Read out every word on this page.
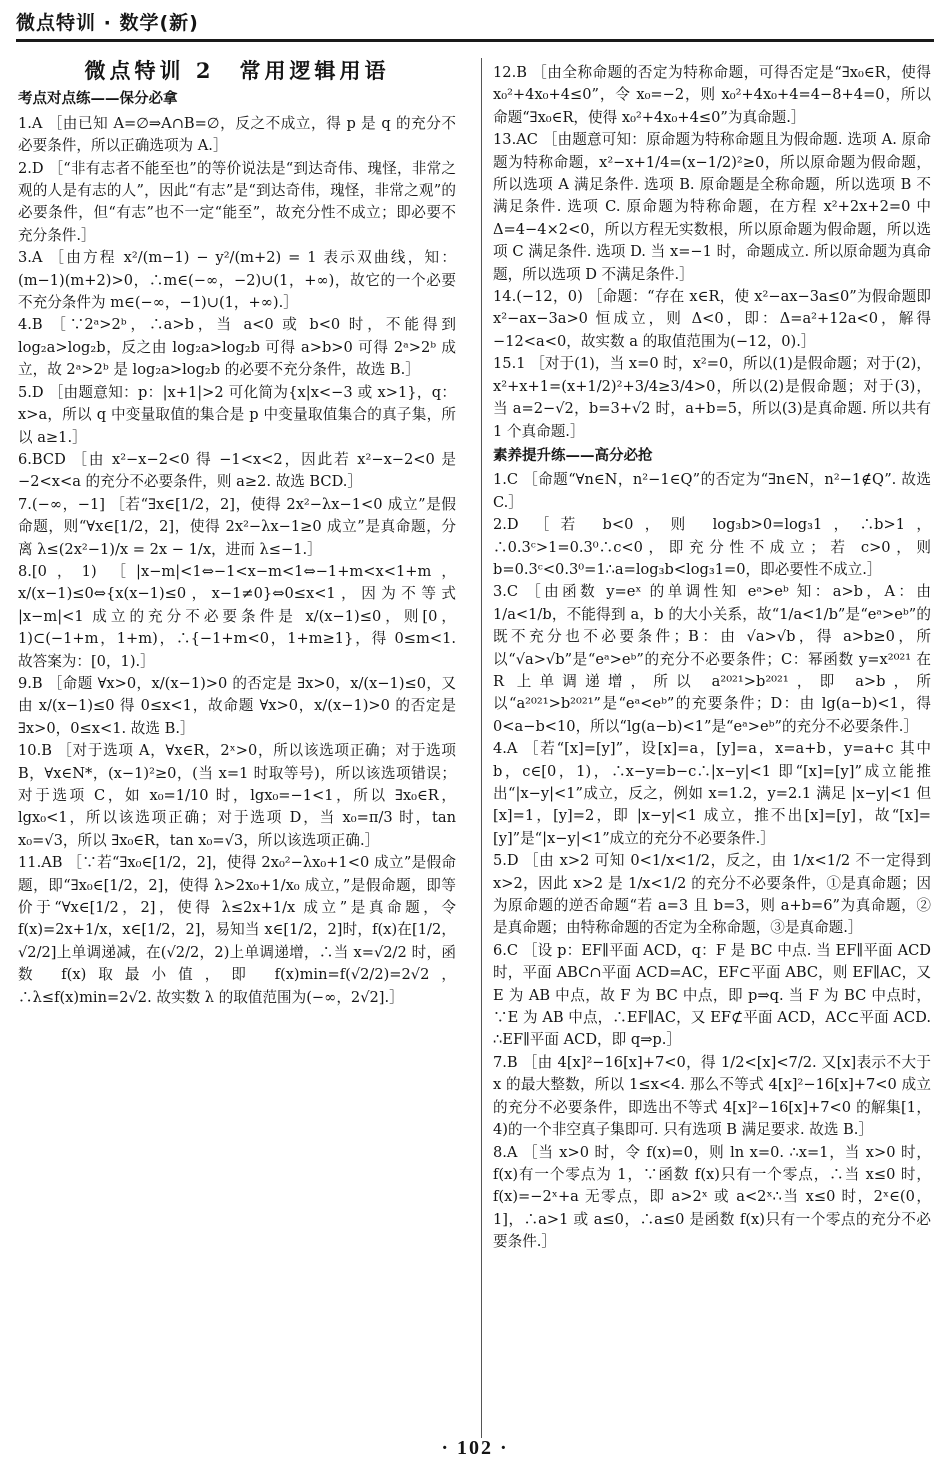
微点特训 · 数学(新)
微点特训 2　常用逻辑用语
考点对点练——保分必拿

1.A ［由已知 A=∅⇒A∩B=∅，反之不成立，得 p 是 q 的充分不必要条件，所以正确选项为 A.］

2.D ［“非有志者不能至也”的等价说法是“到达奇伟、瑰怪，非常之观的人是有志的人”，因此“有志”是“到达奇伟，瑰怪，非常之观”的必要条件，但“有志”也不一定“能至”，故充分性不成立；即必要不充分条件.］

3.A ［由方程 x²/(m−1) − y²/(m+2) = 1 表示双曲线，知：(m−1)(m+2)>0，∴m∈(−∞，−2)∪(1，+∞)，故它的一个必要不充分条件为 m∈(−∞，−1)∪(1，+∞).］

4.B ［∵2ᵃ>2ᵇ，∴a>b，当 a<0 或 b<0 时，不能得到 log₂a>log₂b，反之由 log₂a>log₂b 可得 a>b>0 可得 2ᵃ>2ᵇ 成立，故 2ᵃ>2ᵇ 是 log₂a>log₂b 的必要不充分条件，故选 B.］

5.D ［由题意知：p：|x+1|>2 可化简为{x|x<−3 或 x>1}，q：x>a，所以 q 中变量取值的集合是 p 中变量取值集合的真子集，所以 a≥1.］

6.BCD ［由 x²−x−2<0 得 −1<x<2，因此若 x²−x−2<0 是 −2<x<a 的充分不必要条件，则 a≥2. 故选 BCD.］

7.(−∞，−1] ［若“∃x∈[1/2，2]，使得 2x²−λx−1<0 成立”是假命题，则“∀x∈[1/2，2]，使得 2x²−λx−1≥0 成立”是真命题，分离 λ≤(2x²−1)/x = 2x − 1/x，进而 λ≤−1.］

8.[0，1) ［|x−m|<1⇔−1<x−m<1⇔−1+m<x<1+m，x/(x−1)≤0⇔{x(x−1)≤0，x−1≠0}⇔0≤x<1，因为不等式 |x−m|<1 成立的充分不必要条件是 x/(x−1)≤0，则[0，1)⊂(−1+m，1+m)，∴{−1+m<0，1+m≥1}，得 0≤m<1. 故答案为：[0，1).］

9.B ［命题 ∀x>0，x/(x−1)>0 的否定是 ∃x>0，x/(x−1)≤0，又由 x/(x−1)≤0 得 0≤x<1，故命题 ∀x>0，x/(x−1)>0 的否定是 ∃x>0，0≤x<1. 故选 B.］

10.B ［对于选项 A，∀x∈R，2ˣ>0，所以该选项正确；对于选项 B，∀x∈N*，(x−1)²≥0，(当 x=1 时取等号)，所以该选项错误；对于选项 C，如 x₀=1/10 时，lgx₀=−1<1，所以 ∃x₀∈R，lgx₀<1，所以该选项正确；对于选项 D，当 x₀=π/3 时，tan x₀=√3，所以 ∃x₀∈R，tan x₀=√3，所以该选项正确.］

11.AB ［∵若“∃x₀∈[1/2，2]，使得 2x₀²−λx₀+1<0 成立”是假命题，即“∃x₀∈[1/2，2]，使得 λ>2x₀+1/x₀ 成立，”是假命题，即等价于“∀x∈[1/2，2]，使得 λ≤2x+1/x 成立”是真命题，令 f(x)=2x+1/x，x∈[1/2，2]，易知当 x∈[1/2，2]时，f(x)在[1/2，√2/2]上单调递减，在(√2/2，2)上单调递增，∴当 x=√2/2 时，函数 f(x)取最小值，即 f(x)min=f(√2/2)=2√2，∴λ≤f(x)min=2√2. 故实数 λ 的取值范围为(−∞，2√2].］

12.B ［由全称命题的否定为特称命题，可得否定是“∃x₀∈R，使得 x₀²+4x₀+4≤0”，令 x₀=−2，则 x₀²+4x₀+4=4−8+4=0，所以命题“∃x₀∈R，使得 x₀²+4x₀+4≤0”为真命题.］

13.AC ［由题意可知：原命题为特称命题且为假命题. 选项 A. 原命题为特称命题，x²−x+1/4=(x−1/2)²≥0，所以原命题为假命题，所以选项 A 满足条件. 选项 B. 原命题是全称命题，所以选项 B 不满足条件. 选项 C. 原命题为特称命题，在方程 x²+2x+2=0 中 Δ=4−4×2<0，所以方程无实数根，所以原命题为假命题，所以选项 C 满足条件. 选项 D. 当 x=−1 时，命题成立. 所以原命题为真命题，所以选项 D 不满足条件.］

14.(−12，0) ［命题：“存在 x∈R，使 x²−ax−3a≤0”为假命题即 x²−ax−3a>0 恒成立，则 Δ<0，即：Δ=a²+12a<0，解得 −12<a<0，故实数 a 的取值范围为(−12，0).］

15.1 ［对于(1)，当 x=0 时，x²=0，所以(1)是假命题；对于(2)，x²+x+1=(x+1/2)²+3/4≥3/4>0，所以(2)是假命题；对于(3)，当 a=2−√2，b=3+√2 时，a+b=5，所以(3)是真命题. 所以共有 1 个真命题.］

素养提升练——高分必抢

1.C ［命题“∀n∈N，n²−1∈Q”的否定为“∃n∈N，n²−1∉Q”. 故选 C.］

2.D ［若 b<0，则 log₃b>0=log₃1，∴b>1，∴0.3ᶜ>1=0.3⁰∴c<0，即充分性不成立；若 c>0，则 b=0.3ᶜ<0.3⁰=1∴a=log₃b<log₃1=0，即必要性不成立.］

3.C ［由函数 y=eˣ 的单调性知 eᵃ>eᵇ 知：a>b，A：由 1/a<1/b，不能得到 a，b 的大小关系，故“1/a<1/b”是“eᵃ>eᵇ”的既不充分也不必要条件；B：由 √a>√b，得 a>b≥0，所以“√a>√b”是“eᵃ>eᵇ”的充分不必要条件；C：幂函数 y=x²⁰²¹ 在 R 上单调递增，所以 a²⁰²¹>b²⁰²¹，即 a>b，所以“a²⁰²¹>b²⁰²¹”是“eᵃ<eᵇ”的充要条件；D：由 lg(a−b)<1，得 0<a−b<10，所以“lg(a−b)<1”是“eᵃ>eᵇ”的充分不必要条件.］

4.A ［若“[x]=[y]”，设[x]=a，[y]=a，x=a+b，y=a+c 其中 b，c∈[0，1)，∴x−y=b−c∴|x−y|<1 即“[x]=[y]”成立能推出“|x−y|<1”成立，反之，例如 x=1.2，y=2.1 满足 |x−y|<1 但[x]=1，[y]=2，即 |x−y|<1 成立，推不出[x]=[y]，故“[x]=[y]”是“|x−y|<1”成立的充分不必要条件.］

5.D ［由 x>2 可知 0<1/x<1/2，反之，由 1/x<1/2 不一定得到 x>2，因此 x>2 是 1/x<1/2 的充分不必要条件，①是真命题；因为原命题的逆否命题“若 a=3 且 b=3，则 a+b=6”为真命题，②是真命题；由特称命题的否定为全称命题，③是真命题.］

6.C ［设 p：EF∥平面 ACD，q：F 是 BC 中点. 当 EF∥平面 ACD 时，平面 ABC∩平面 ACD=AC，EF⊂平面 ABC，则 EF∥AC，又 E 为 AB 中点，故 F 为 BC 中点，即 p⇒q. 当 F 为 BC 中点时，∵E 为 AB 中点，∴EF∥AC，又 EF⊄平面 ACD，AC⊂平面 ACD. ∴EF∥平面 ACD，即 q⇒p.］

7.B ［由 4[x]²−16[x]+7<0，得 1/2<[x]<7/2. 又[x]表示不大于 x 的最大整数，所以 1≤x<4. 那么不等式 4[x]²−16[x]+7<0 成立的充分不必要条件，即选出不等式 4[x]²−16[x]+7<0 的解集[1，4)的一个非空真子集即可. 只有选项 B 满足要求. 故选 B.］

8.A ［当 x>0 时，令 f(x)=0，则 ln x=0. ∴x=1，当 x>0 时，f(x)有一个零点为 1，∵函数 f(x)只有一个零点，∴当 x≤0 时，f(x)=−2ˣ+a 无零点，即 a>2ˣ 或 a<2ˣ∴当 x≤0 时，2ˣ∈(0，1]，∴a>1 或 a≤0，∴a≤0 是函数 f(x)只有一个零点的充分不必要条件.］

· 102 ·
